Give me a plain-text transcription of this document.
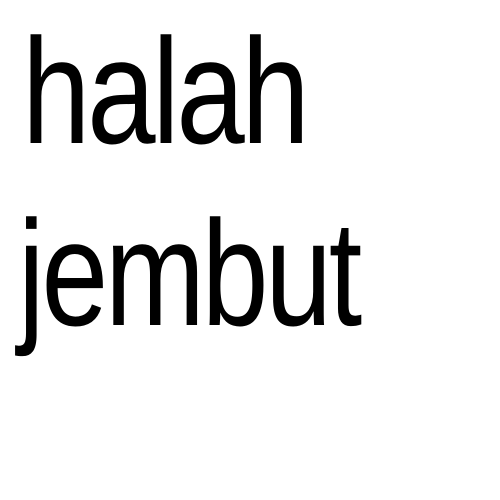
halah

jembut
